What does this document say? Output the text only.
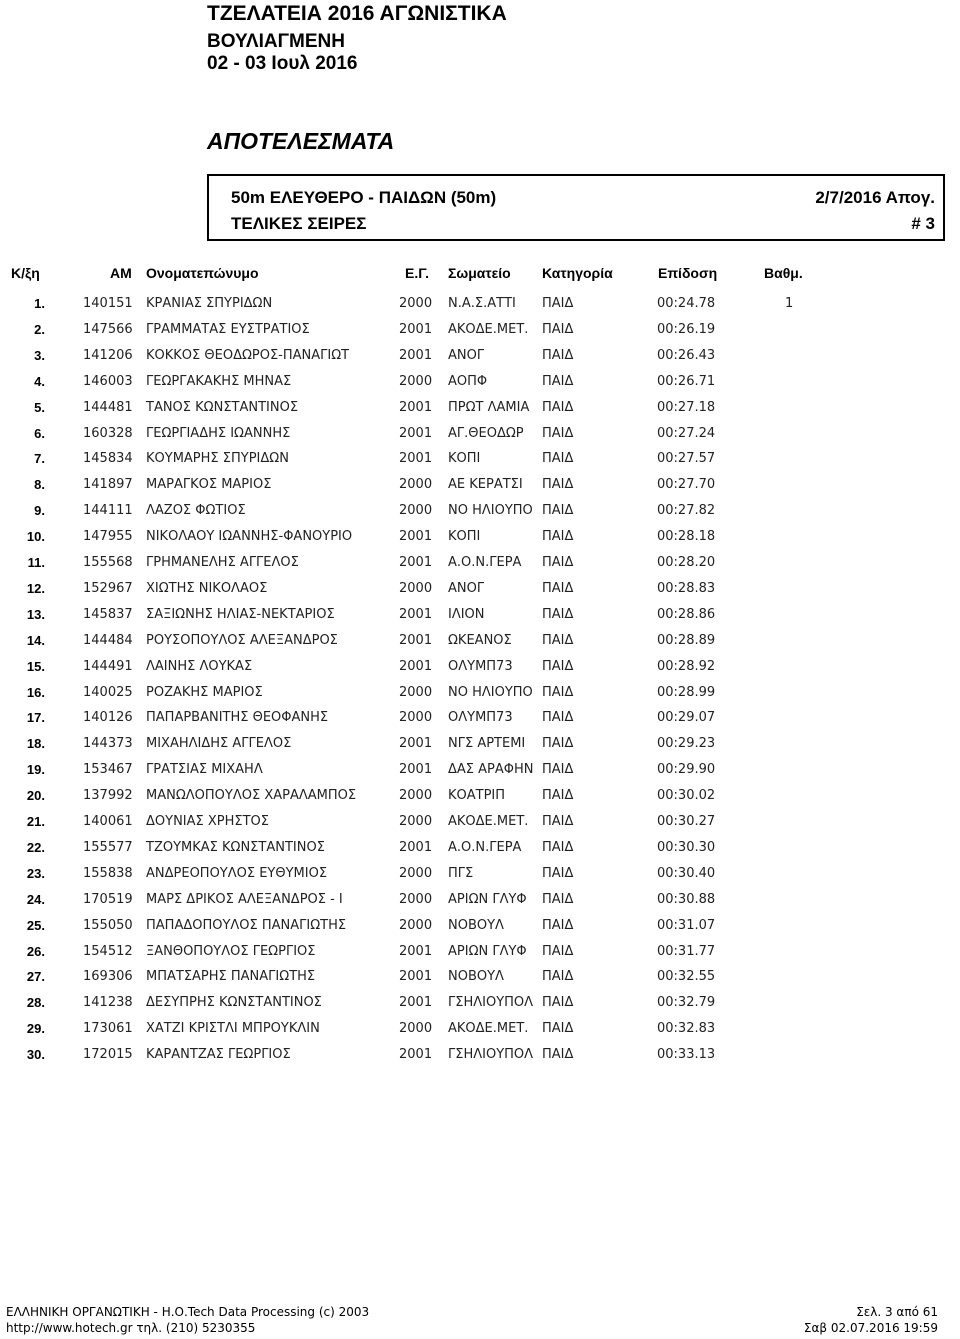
ΤΖΕΛΑΤΕΙΑ 2016 ΑΓΩΝΙΣΤΙΚΑ
ΒΟΥΛΙΑΓΜΕΝΗ
02 - 03 Ιουλ 2016
ΑΠΟΤΕΛΕΣΜΑΤΑ
50m ΕΛΕΥΘΕΡΟ - ΠΑΙΔΩΝ (50m)	2/7/2016 Απογ.
ΤΕΛΙΚΕΣ ΣΕΙΡΕΣ	# 3
Κ/ξη	ΑΜ Ονοματεπώνυμο	Ε.Γ. Σωματείο Κατηγορία	Επίδοση	Βαθμ.
1.	140151 ΚΡΑΝΙΑΣ ΣΠΥΡΙΔΩΝ	2000 Ν.Α.Σ.ΑΤΤΙ ΠΑΙΔ	00:24.78	1
2.	147566 ΓΡΑΜΜΑΤΑΣ ΕΥΣΤΡΑΤΙΟΣ	2001 ΑΚΟΔΕ.ΜΕΤ. ΠΑΙΔ	00:26.19
3.	141206 ΚΟΚΚΟΣ ΘΕΟΔΩΡΟΣ-ΠΑΝΑΓΙΩΤ	2001 ΑΝΟΓ	ΠΑΙΔ	00:26.43
4.	146003 ΓΕΩΡΓΑΚΑΚΗΣ ΜΗΝΑΣ	2000 ΑΟΠΦ	ΠΑΙΔ	00:26.71
5.	144481 ΤΑΝΟΣ ΚΩΝΣΤΑΝΤΙΝΟΣ	2001 ΠΡΩΤ ΛΑΜΙΑ ΠΑΙΔ	00:27.18
6.	160328 ΓΕΩΡΓΙΑΔΗΣ ΙΩΑΝΝΗΣ	2001 ΑΓ.ΘΕΟΔΩΡ ΠΑΙΔ	00:27.24
7.	145834 ΚΟΥΜΑΡΗΣ ΣΠΥΡΙΔΩΝ	2001 ΚΟΠΙ	ΠΑΙΔ	00:27.57
8.	141897 ΜΑΡΑΓΚΟΣ ΜΑΡΙΟΣ	2000 ΑΕ ΚΕΡΑΤΣΙ ΠΑΙΔ	00:27.70
9.	144111 ΛΑΖΟΣ ΦΩΤΙΟΣ	2000 ΝΟ ΗΛΙΟΥΠΟ ΠΑΙΔ	00:27.82
10.	147955 ΝΙΚΟΛΑΟΥ ΙΩΑΝΝΗΣ-ΦΑΝΟΥΡΙΟ	2001 ΚΟΠΙ	ΠΑΙΔ	00:28.18
11.	155568 ΓΡΗΜΑΝΕΛΗΣ ΑΓΓΕΛΟΣ	2001 Α.Ο.Ν.ΓΕΡΑ ΠΑΙΔ	00:28.20
12.	152967 ΧΙΩΤΗΣ ΝΙΚΟΛΑΟΣ	2000 ΑΝΟΓ	ΠΑΙΔ	00:28.83
13.	145837 ΣΑΞΙΩΝΗΣ ΗΛΙΑΣ-ΝΕΚΤΑΡΙΟΣ	2001 ΙΛΙΟΝ	ΠΑΙΔ	00:28.86
14.	144484 ΡΟΥΣΟΠΟΥΛΟΣ ΑΛΕΞΑΝΔΡΟΣ	2001 ΩΚΕΑΝΟΣ ΠΑΙΔ	00:28.89
15.	144491 ΛΑΙΝΗΣ ΛΟΥΚΑΣ	2001 ΟΛΥΜΠ73 ΠΑΙΔ	00:28.92
16.	140025 ΡΟΖΑΚΗΣ ΜΑΡΙΟΣ	2000 ΝΟ ΗΛΙΟΥΠΟ ΠΑΙΔ	00:28.99
17.	140126 ΠΑΠΑΡΒΑΝΙΤΗΣ ΘΕΟΦΑΝΗΣ	2000 ΟΛΥΜΠ73 ΠΑΙΔ	00:29.07
18.	144373 ΜΙΧΑΗΛΙΔΗΣ ΑΓΓΕΛΟΣ	2001 ΝΓΣ ΑΡΤΕΜΙ ΠΑΙΔ	00:29.23
19.	153467 ΓΡΑΤΣΙΑΣ ΜΙΧΑΗΛ	2001 ΔΑΣ ΑΡΑΦΗΝ ΠΑΙΔ	00:29.90
20.	137992 ΜΑΝΩΛΟΠΟΥΛΟΣ ΧΑΡΑΛΑΜΠΟΣ	2000 ΚΟΑΤΡΙΠ	ΠΑΙΔ	00:30.02
21.	140061 ΔΟΥΝΙΑΣ ΧΡΗΣΤΟΣ	2000 ΑΚΟΔΕ.ΜΕΤ. ΠΑΙΔ	00:30.27
22.	155577 ΤΖΟΥΜΚΑΣ ΚΩΝΣΤΑΝΤΙΝΟΣ	2001 Α.Ο.Ν.ΓΕΡΑ ΠΑΙΔ	00:30.30
23.	155838 ΑΝΔΡΕΟΠΟΥΛΟΣ ΕΥΘΥΜΙΟΣ	2000 ΠΓΣ	ΠΑΙΔ	00:30.40
24.	170519 ΜΑΡΣ ΔΡΙΚΟΣ ΑΛΕΞΑΝΔΡΟΣ - Ι	2000 ΑΡΙΩΝ ΓΛΥΦ ΠΑΙΔ	00:30.88
25.	155050 ΠΑΠΑΔΟΠΟΥΛΟΣ ΠΑΝΑΓΙΩΤΗΣ	2000 ΝΟΒΟΥΛ	ΠΑΙΔ	00:31.07
26.	154512 ΞΑΝΘΟΠΟΥΛΟΣ ΓΕΩΡΓΙΟΣ	2001 ΑΡΙΩΝ ΓΛΥΦ ΠΑΙΔ	00:31.77
27.	169306 ΜΠΑΤΣΑΡΗΣ ΠΑΝΑΓΙΩΤΗΣ	2001 ΝΟΒΟΥΛ	ΠΑΙΔ	00:32.55
28.	141238 ΔΕΣΥΠΡΗΣ ΚΩΝΣΤΑΝΤΙΝΟΣ	2001 ΓΣΗΛΙΟΥΠΟΛ ΠΑΙΔ	00:32.79
29.	173061 ΧΑΤΖΙ ΚΡΙΣΤΛΙ ΜΠΡΟΥΚΛΙΝ	2000 ΑΚΟΔΕ.ΜΕΤ. ΠΑΙΔ	00:32.83
30.	172015 ΚΑΡΑΝΤΖΑΣ ΓΕΩΡΓΙΟΣ	2001 ΓΣΗΛΙΟΥΠΟΛ ΠΑΙΔ	00:33.13
ΕΛΛΗΝΙΚΗ ΟΡΓΑΝΩΤΙΚΗ - Η.Ο.Tech Data Processing (c) 2003
http://www.hotech.gr τηλ. (210) 5230355
Σελ. 3 από 61
Σαβ 02.07.2016 19:59
